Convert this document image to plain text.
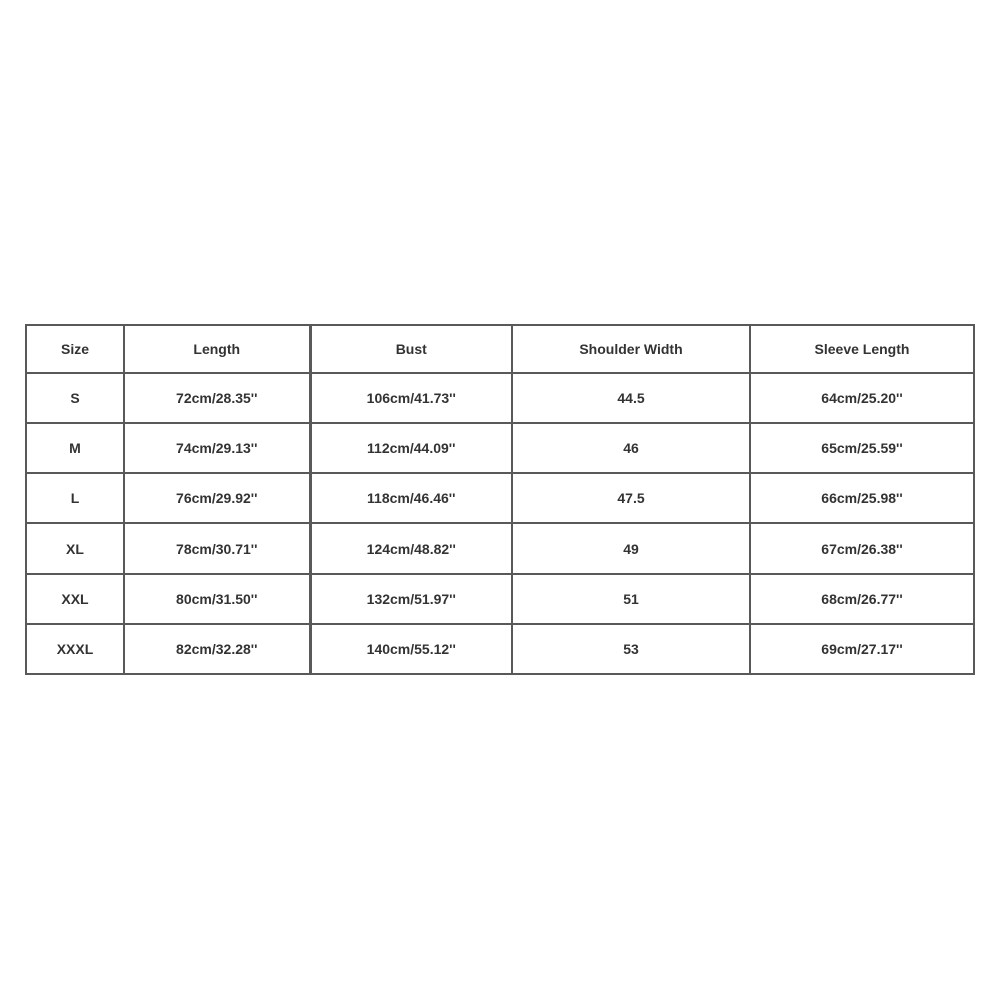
Size	Length	Bust	Shoulder Width	Sleeve Length
S	72cm/28.35''	106cm/41.73''	44.5	64cm/25.20''
M	74cm/29.13''	112cm/44.09''	46	65cm/25.59''
L	76cm/29.92''	118cm/46.46''	47.5	66cm/25.98''
XL	78cm/30.71''	124cm/48.82''	49	67cm/26.38''
XXL	80cm/31.50''	132cm/51.97''	51	68cm/26.77''
XXXL	82cm/32.28''	140cm/55.12''	53	69cm/27.17''
